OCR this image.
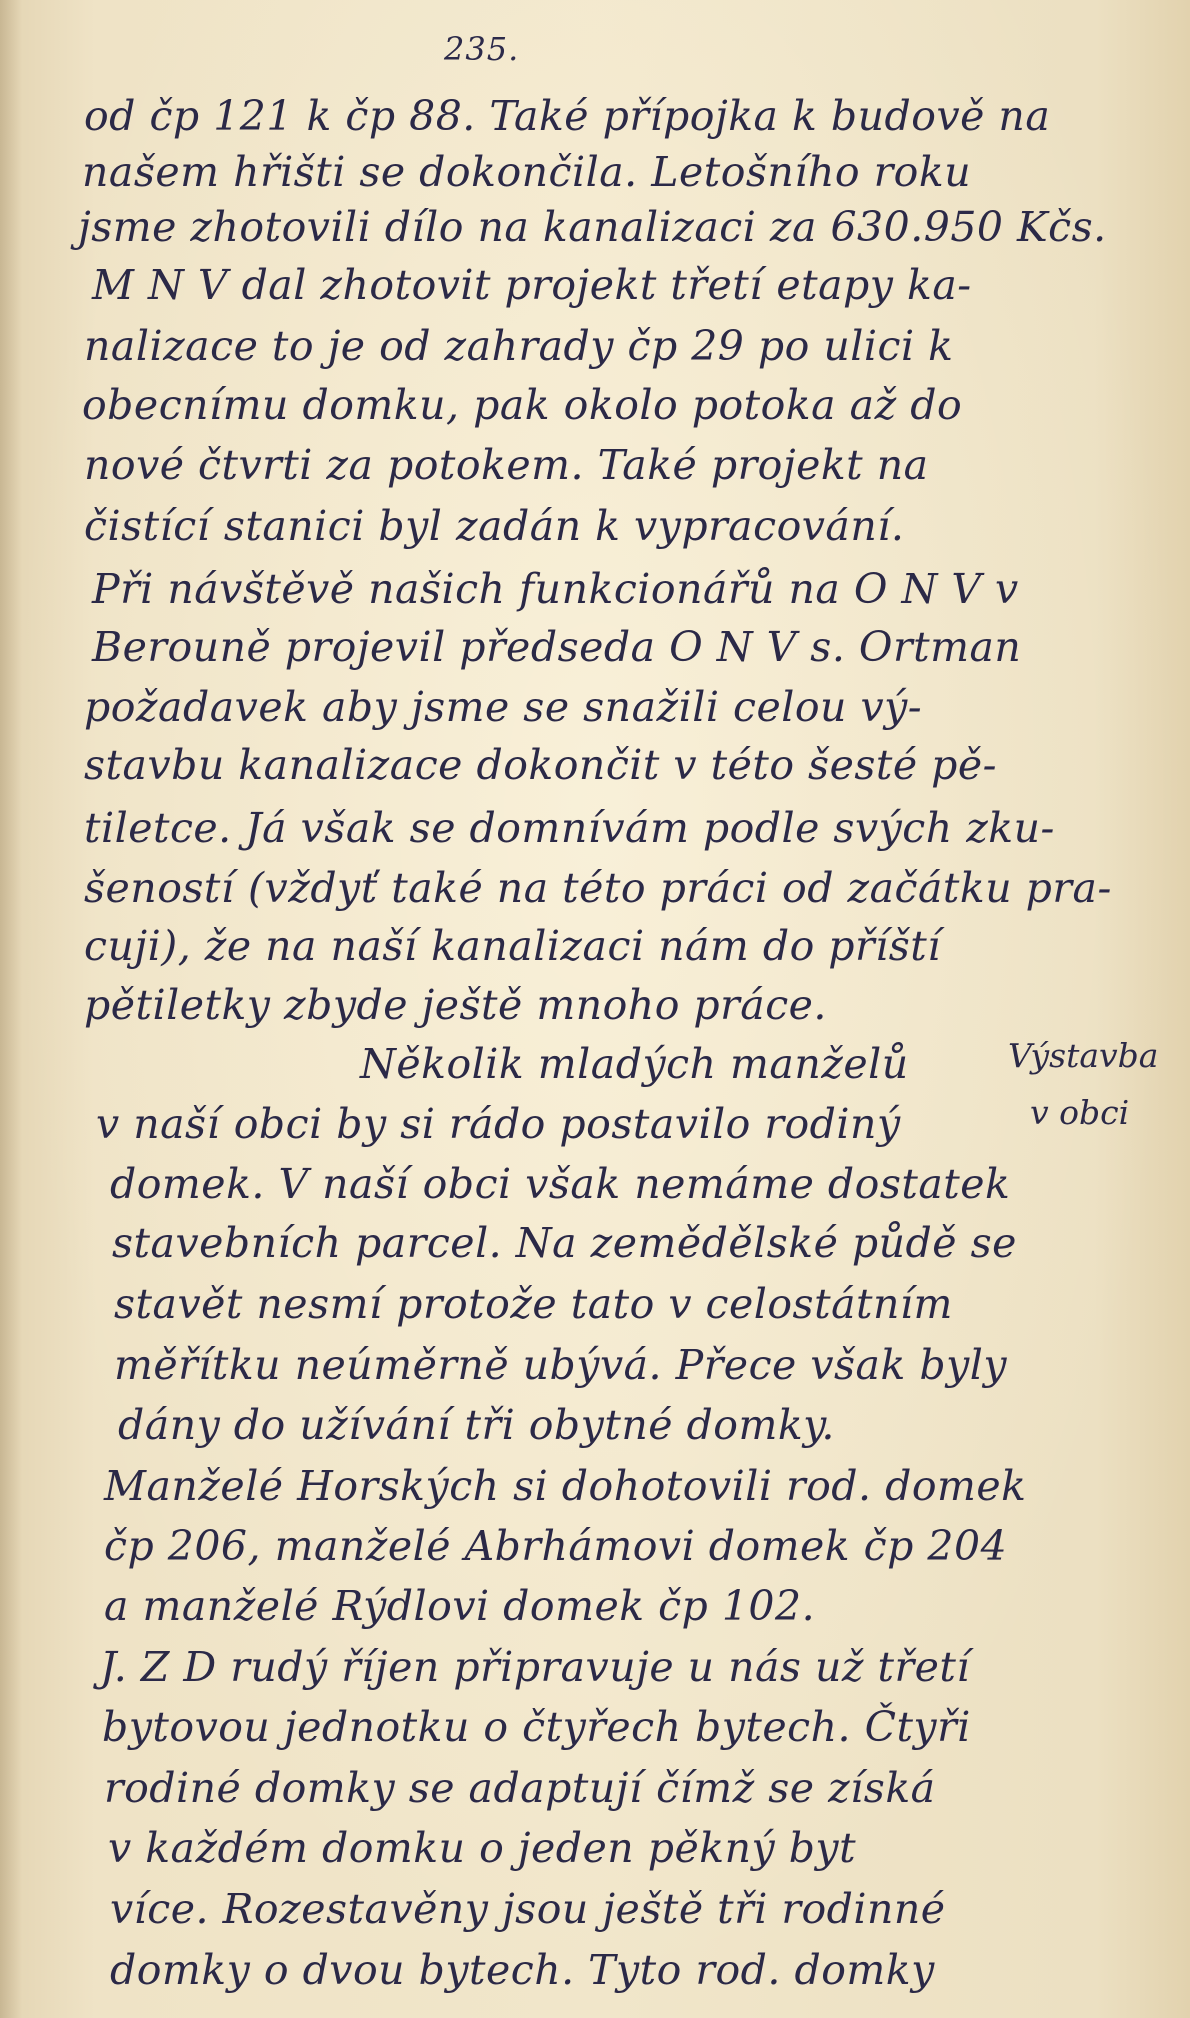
235.
od čp 121 k čp 88. Také přípojka k budově na
našem hřišti se dokončila. Letošního roku
jsme zhotovili dílo na kanalizaci za 630.950 Kčs.
M N V dal zhotovit projekt třetí etapy ka-
nalizace to je od zahrady čp 29 po ulici k
obecnímu domku, pak okolo potoka až do
nové čtvrti za potokem. Také projekt na
čistící stanici byl zadán k vypracování.
Při návštěvě našich funkcionářů na O N V v
Berouně projevil předseda O N V s. Ortman
požadavek aby jsme se snažili celou vý-
stavbu kanalizace dokončit v této šesté pě-
tiletce. Já však se domnívám podle svých zku-
šeností (vždyť také na této práci od začátku pra-
cuji), že na naší kanalizaci nám do příští
pětiletky zbyde ještě mnoho práce.
Několik mladých manželů
v naší obci by si rádo postavilo rodiný
domek. V naší obci však nemáme dostatek
stavebních parcel. Na zemědělské půdě se
stavět nesmí protože tato v celostátním
měřítku neúměrně ubývá. Přece však byly
dány do užívání tři obytné domky.
Manželé Horských si dohotovili rod. domek
čp 206, manželé Abrhámovi domek čp 204
a manželé Rýdlovi domek čp 102.
J. Z D rudý říjen připravuje u nás už třetí
bytovou jednotku o čtyřech bytech. Čtyři
rodiné domky se adaptují čímž se získá
v každém domku o jeden pěkný byt
více. Rozestavěny jsou ještě tři rodinné
domky o dvou bytech. Tyto rod. domky
Výstavba
v obci
